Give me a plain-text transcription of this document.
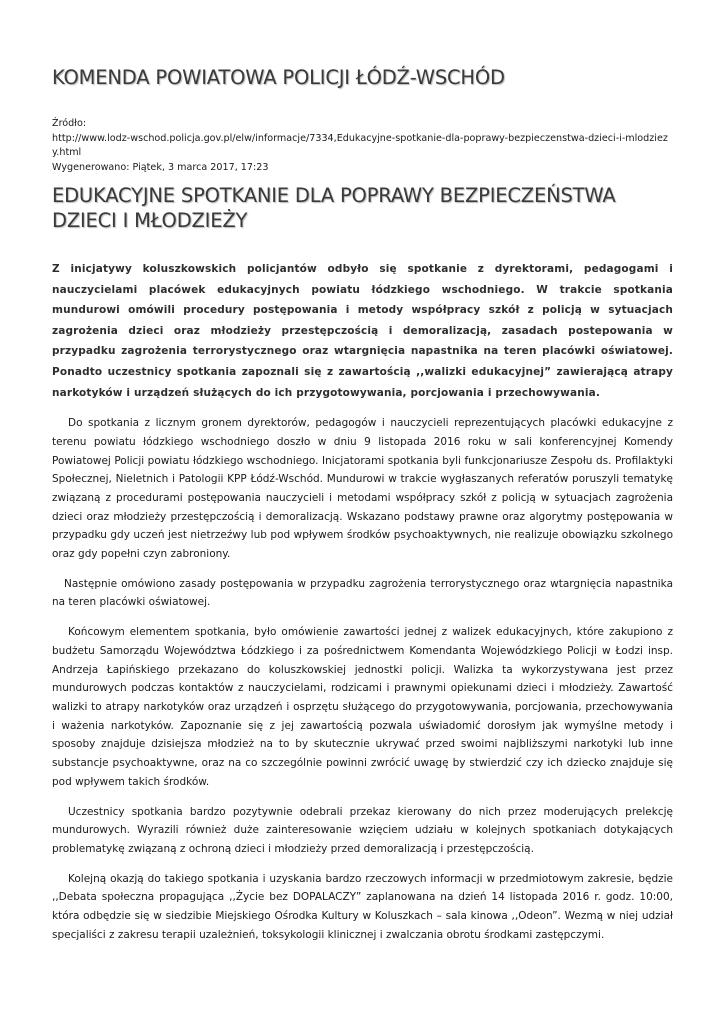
KOMENDA POWIATOWA POLICJI ŁÓDŹ-WSCHÓD
Źródło:
http://www.lodz-wschod.policja.gov.pl/elw/informacje/7334,Edukacyjne-spotkanie-dla-poprawy-bezpieczenstwa-dzieci-i-mlodziezy.html
Wygenerowano: Piątek, 3 marca 2017, 17:23
EDUKACYJNE SPOTKANIE DLA POPRAWY BEZPIECZEŃSTWA DZIECI I MŁODZIEŻY

Z inicjatywy koluszkowskich policjantów odbyło się spotkanie z dyrektorami, pedagogami i nauczycielami placówek edukacyjnych powiatu łódzkiego wschodniego. W trakcie spotkania mundurowi omówili procedury postępowania i metody współpracy szkół z policją w sytuacjach zagrożenia dzieci oraz młodzieży przestępczością i demoralizacją, zasadach postepowania w przypadku zagrożenia terrorystycznego oraz wtargnięcia napastnika na teren placówki oświatowej. Ponadto uczestnicy spotkania zapoznali się z zawartością ,,walizki edukacyjnej” zawierającą atrapy narkotyków i urządzeń służących do ich przygotowywania, porcjowania i przechowywania.

Do spotkania z licznym gronem dyrektorów, pedagogów i nauczycieli reprezentujących placówki edukacyjne z terenu powiatu łódzkiego wschodniego doszło w dniu 9 listopada 2016 roku w sali konferencyjnej Komendy Powiatowej Policji powiatu łódzkiego wschodniego. Inicjatorami spotkania byli funkcjonariusze Zespołu ds. Profilaktyki Społecznej, Nieletnich i Patologii KPP Łódź-Wschód. Mundurowi w trakcie wygłaszanych referatów poruszyli tematykę związaną z procedurami postępowania nauczycieli i metodami współpracy szkół z policją w sytuacjach zagrożenia dzieci oraz młodzieży przestępczością i demoralizacją. Wskazano podstawy prawne oraz algorytmy postępowania w przypadku gdy uczeń jest nietrzeźwy lub pod wpływem środków psychoaktywnych, nie realizuje obowiązku szkolnego oraz gdy popełni czyn zabroniony.

Następnie omówiono zasady postępowania w przypadku zagrożenia terrorystycznego oraz wtargnięcia napastnika na teren placówki oświatowej.

Końcowym elementem spotkania, było omówienie zawartości jednej z walizek edukacyjnych, które zakupiono z budżetu Samorządu Województwa Łódzkiego i za pośrednictwem Komendanta Wojewódzkiego Policji w Łodzi insp. Andrzeja Łapińskiego przekazano do koluszkowskiej jednostki policji. Walizka ta wykorzystywana jest przez mundurowych podczas kontaktów z nauczycielami, rodzicami i prawnymi opiekunami dzieci i młodzieży. Zawartość walizki to atrapy narkotyków oraz urządzeń i osprzętu służącego do przygotowywania, porcjowania, przechowywania i ważenia narkotyków. Zapoznanie się z jej zawartością pozwala uświadomić dorosłym jak wymyślne metody i sposoby znajduje dzisiejsza młodzież na to by skutecznie ukrywać przed swoimi najbliższymi narkotyki lub inne substancje psychoaktywne, oraz na co szczególnie powinni zwrócić uwagę by stwierdzić czy ich dziecko znajduje się pod wpływem takich środków.

Uczestnicy spotkania bardzo pozytywnie odebrali przekaz kierowany do nich przez moderujących prelekcję mundurowych. Wyrazili również duże zainteresowanie wzięciem udziału w kolejnych spotkaniach dotykających problematykę związaną z ochroną dzieci i młodzieży przed demoralizacją i przestępczością.

Kolejną okazją do takiego spotkania i uzyskania bardzo rzeczowych informacji w przedmiotowym zakresie, będzie ,,Debata społeczna propagująca ,,Życie bez DOPALACZY” zaplanowana na dzień 14 listopada 2016 r. godz. 10:00, która odbędzie się w siedzibie Miejskiego Ośrodka Kultury w Koluszkach – sala kinowa ,,Odeon”. Wezmą w niej udział specjaliści z zakresu terapii uzależnień, toksykologii klinicznej i zwalczania obrotu środkami zastępczymi.
